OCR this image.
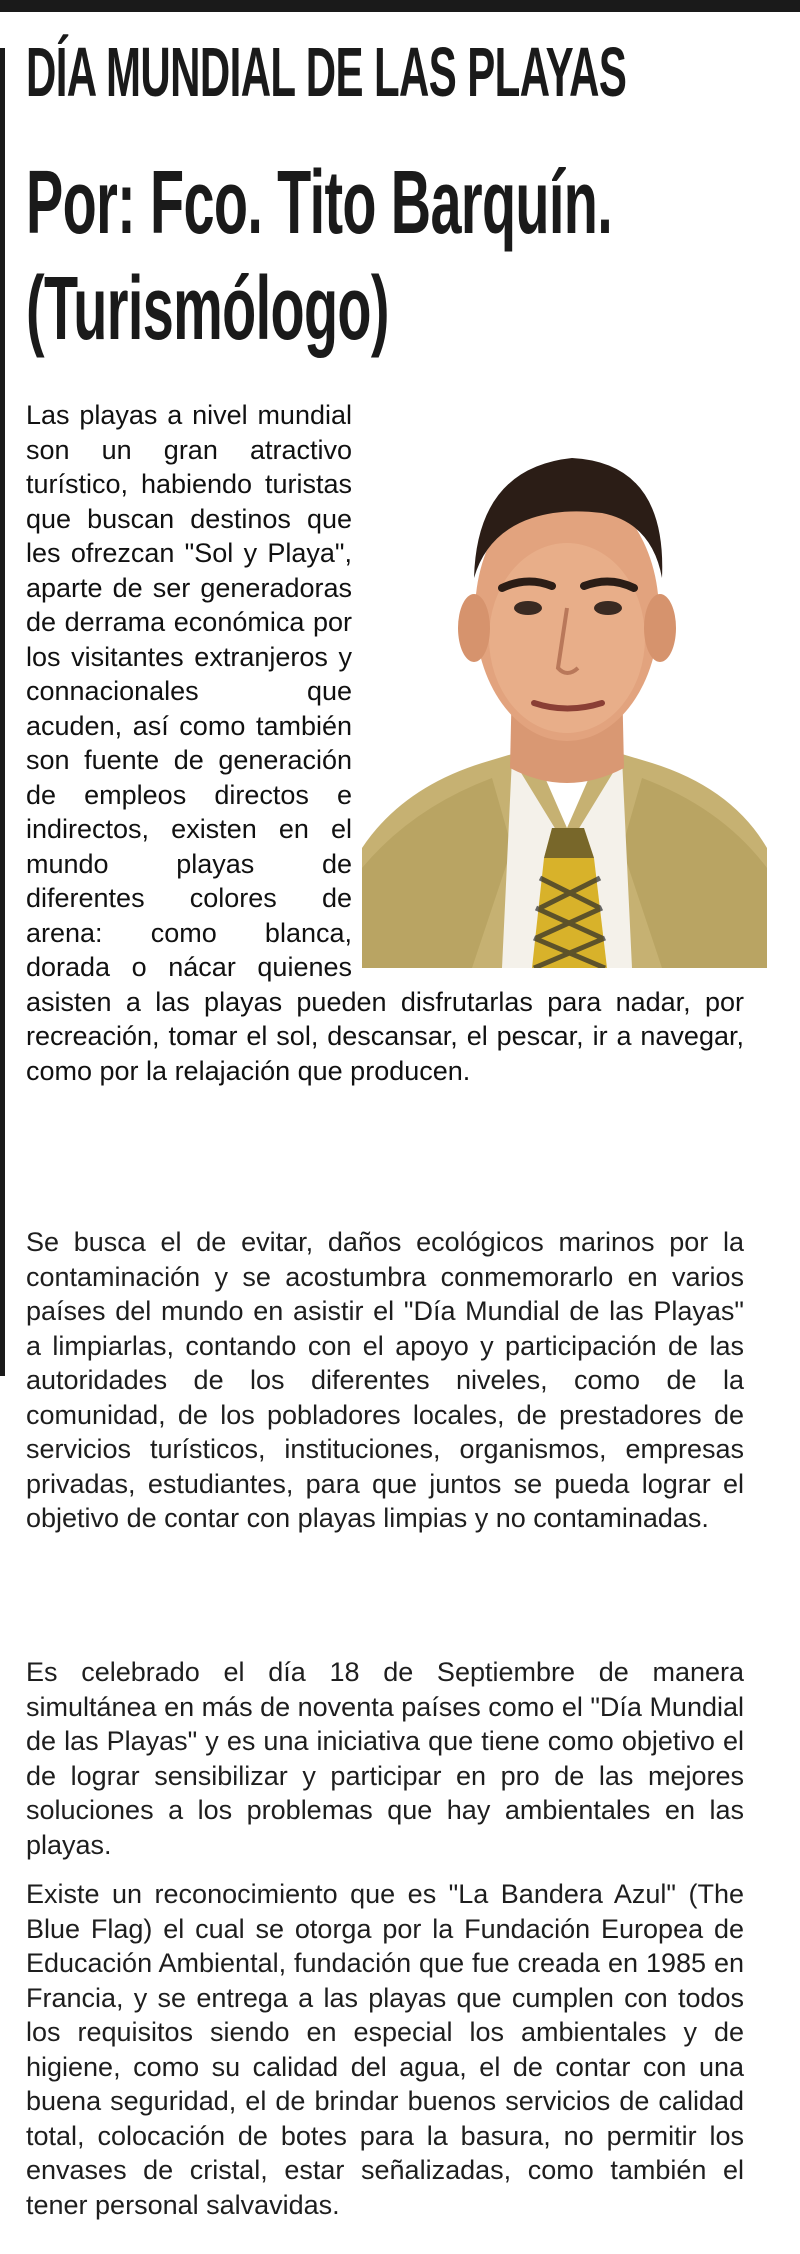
DÍA MUNDIAL DE LAS PLAYAS
Por: Fco. Tito Barquín.
(Turismólogo)

Las playas a nivel mundial son un gran atractivo turístico, habiendo turistas que buscan destinos que les ofrezcan "Sol y Playa", aparte de ser generadoras de derrama económica por los visitantes extranjeros y connacionales que acuden, así como también son fuente de generación de empleos directos e indirectos, existen en el mundo playas de diferentes colores de arena: como blanca, dorada o nácar quienes asisten a las playas pueden disfrutarlas para nadar, por recreación, tomar el sol, descansar, el pescar, ir a navegar, como por la relajación que producen.

Se busca el de evitar, daños ecológicos marinos por la contaminación y se acostumbra conmemorarlo en varios países del mundo en asistir el "Día Mundial de las Playas" a limpiarlas, contando con el apoyo y participación de las autoridades de los diferentes niveles, como de la comunidad, de los pobladores locales, de prestadores de servicios turísticos, instituciones, organismos, empresas privadas, estudiantes, para que juntos se pueda lograr el objetivo de contar con playas limpias y no contaminadas.

Es celebrado el día 18 de Septiembre de manera simultánea en más de noventa países como el "Día Mundial de las Playas" y es una iniciativa que tiene como objetivo el de lograr sensibilizar y participar en pro de las mejores soluciones a los problemas que hay ambientales en las playas.

Existe un reconocimiento que es "La Bandera Azul" (The Blue Flag) el cual se otorga por la Fundación Europea de Educación Ambiental, fundación que fue creada en 1985 en Francia, y se entrega a las playas que cumplen con todos los requisitos siendo en especial los ambientales y de higiene, como su calidad del agua, el de contar con una buena seguridad, el de brindar buenos servicios de calidad total, colocación de botes para la basura, no permitir los envases de cristal, estar señalizadas, como también el tener personal salvavidas.
